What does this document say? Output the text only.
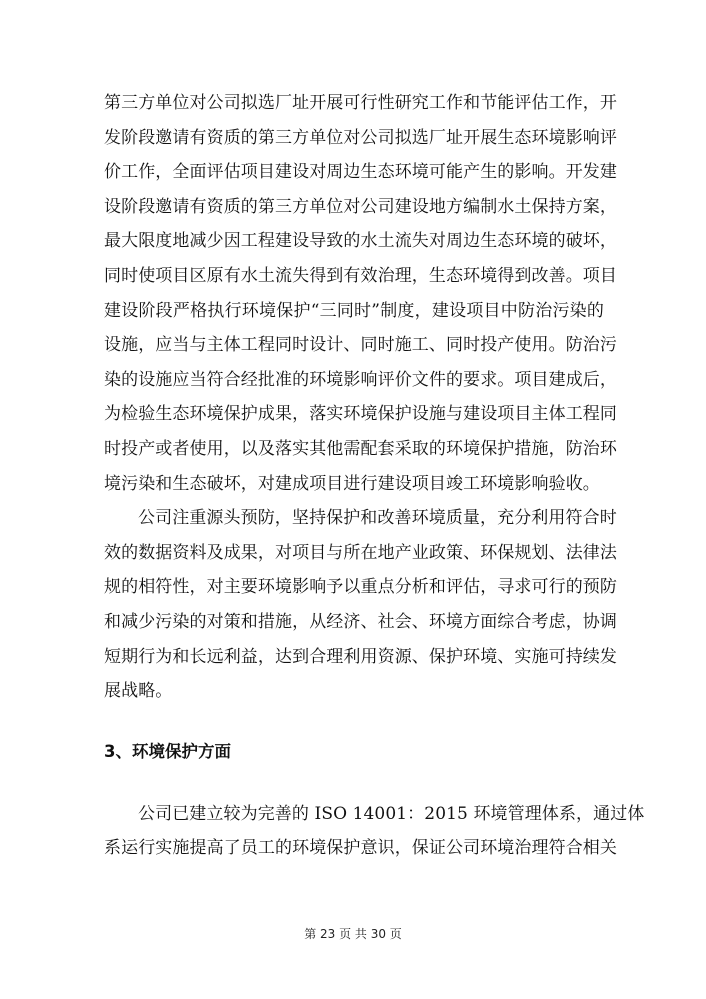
第三方单位对公司拟选厂址开展可行性研究工作和节能评估工作，开
发阶段邀请有资质的第三方单位对公司拟选厂址开展生态环境影响评
价工作，全面评估项目建设对周边生态环境可能产生的影响。开发建
设阶段邀请有资质的第三方单位对公司建设地方编制水土保持方案，
最大限度地减少因工程建设导致的水土流失对周边生态环境的破坏，
同时使项目区原有水土流失得到有效治理，生态环境得到改善。项目
建设阶段严格执行环境保护“三同时”制度，建设项目中防治污染的
设施，应当与主体工程同时设计、同时施工、同时投产使用。防治污
染的设施应当符合经批准的环境影响评价文件的要求。项目建成后，
为检验生态环境保护成果，落实环境保护设施与建设项目主体工程同
时投产或者使用，以及落实其他需配套采取的环境保护措施，防治环
境污染和生态破坏，对建成项目进行建设项目竣工环境影响验收。

公司注重源头预防，坚持保护和改善环境质量，充分利用符合时
效的数据资料及成果，对项目与所在地产业政策、环保规划、法律法
规的相符性，对主要环境影响予以重点分析和评估，寻求可行的预防
和减少污染的对策和措施，从经济、社会、环境方面综合考虑，协调
短期行为和长远利益，达到合理利用资源、保护环境、实施可持续发
展战略。

3、环境保护方面

公司已建立较为完善的 ISO 14001：2015 环境管理体系，通过体
系运行实施提高了员工的环境保护意识，保证公司环境治理符合相关

第 23 页 共 30 页
